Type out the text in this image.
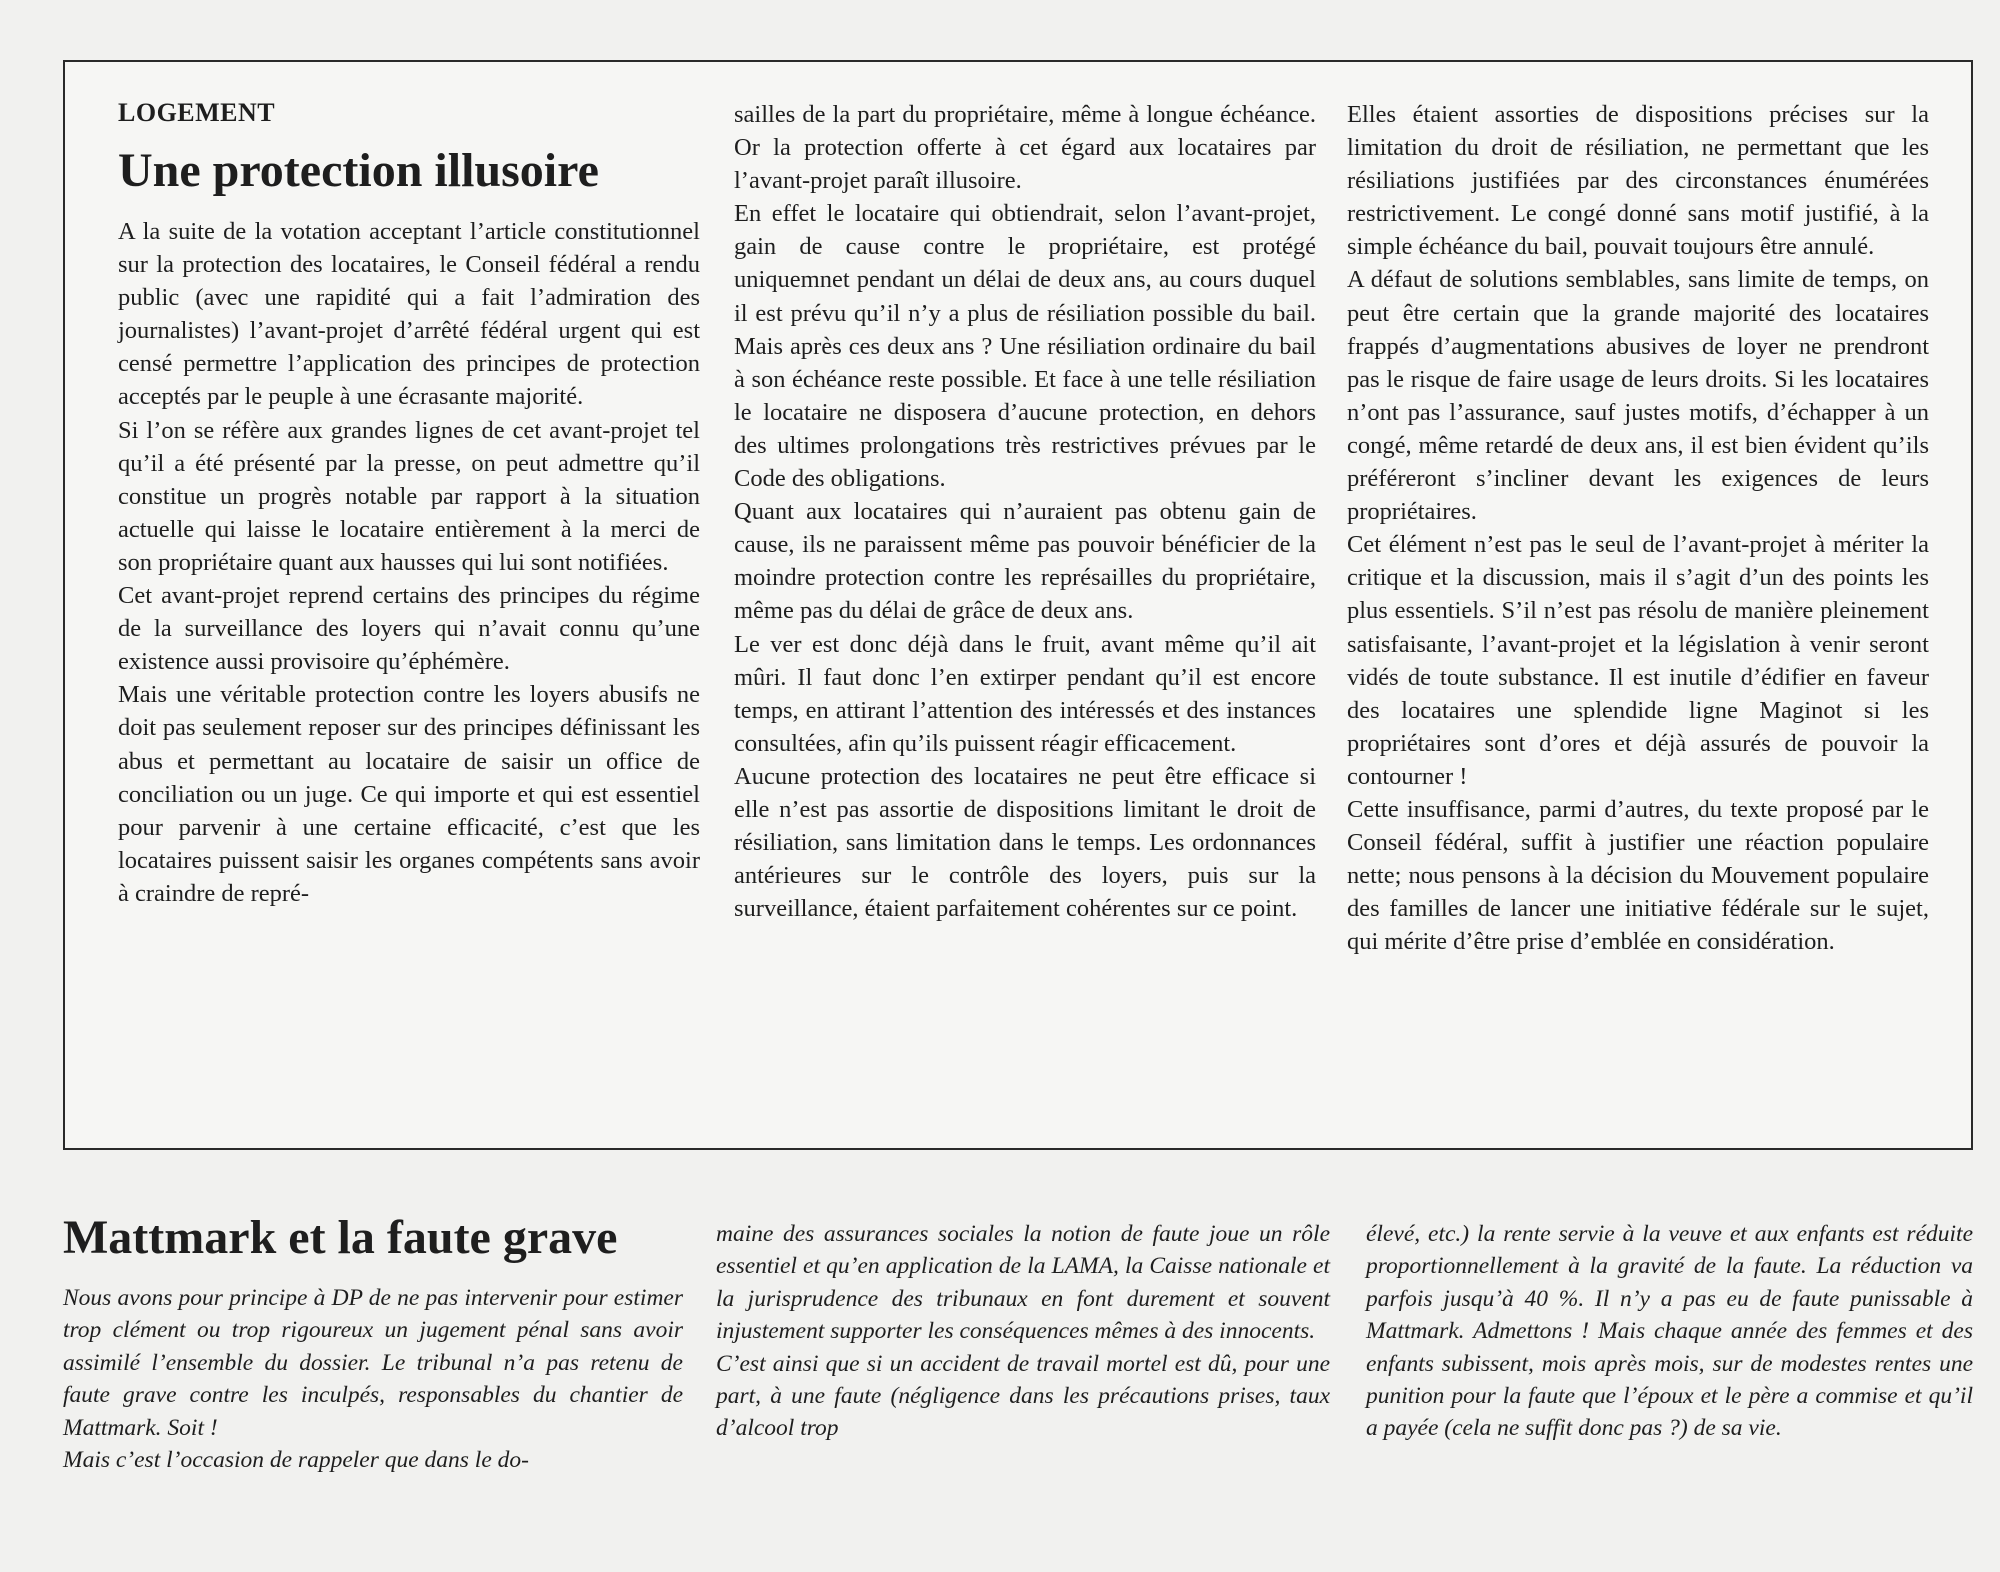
LOGEMENT
Une protection illusoire

A la suite de la votation acceptant l’article constitutionnel sur la protection des locataires, le Conseil fédéral a rendu public (avec une rapidité qui a fait l’admiration des journalistes) l’avant-projet d’arrêté fédéral urgent qui est censé permettre l’application des principes de protection acceptés par le peuple à une écrasante majorité.

Si l’on se réfère aux grandes lignes de cet avant-projet tel qu’il a été présenté par la presse, on peut admettre qu’il constitue un progrès notable par rapport à la situation actuelle qui laisse le locataire entièrement à la merci de son propriétaire quant aux hausses qui lui sont notifiées.

Cet avant-projet reprend certains des principes du régime de la surveillance des loyers qui n’avait connu qu’une existence aussi provisoire qu’éphémère.

Mais une véritable protection contre les loyers abusifs ne doit pas seulement reposer sur des principes définissant les abus et permettant au locataire de saisir un office de conciliation ou un juge. Ce qui importe et qui est essentiel pour parvenir à une certaine efficacité, c’est que les locataires puissent saisir les organes compétents sans avoir à craindre de repré-

sailles de la part du propriétaire, même à longue échéance. Or la protection offerte à cet égard aux locataires par l’avant-projet paraît illusoire.

En effet le locataire qui obtiendrait, selon l’avant-projet, gain de cause contre le propriétaire, est protégé uniquemnet pendant un délai de deux ans, au cours duquel il est prévu qu’il n’y a plus de résiliation possible du bail. Mais après ces deux ans ? Une résiliation ordinaire du bail à son échéance reste possible. Et face à une telle résiliation le locataire ne disposera d’aucune protection, en dehors des ultimes prolongations très restrictives prévues par le Code des obligations.

Quant aux locataires qui n’auraient pas obtenu gain de cause, ils ne paraissent même pas pouvoir bénéficier de la moindre protection contre les représailles du propriétaire, même pas du délai de grâce de deux ans.

Le ver est donc déjà dans le fruit, avant même qu’il ait mûri. Il faut donc l’en extirper pendant qu’il est encore temps, en attirant l’attention des intéressés et des instances consultées, afin qu’ils puissent réagir efficacement.

Aucune protection des locataires ne peut être efficace si elle n’est pas assortie de dispositions limitant le droit de résiliation, sans limitation dans le temps. Les ordonnances antérieures sur le contrôle des loyers, puis sur la surveillance, étaient parfaitement cohérentes sur ce point.

Elles étaient assorties de dispositions précises sur la limitation du droit de résiliation, ne permettant que les résiliations justifiées par des circonstances énumérées restrictivement. Le congé donné sans motif justifié, à la simple échéance du bail, pouvait toujours être annulé.

A défaut de solutions semblables, sans limite de temps, on peut être certain que la grande majorité des locataires frappés d’augmentations abusives de loyer ne prendront pas le risque de faire usage de leurs droits. Si les locataires n’ont pas l’assurance, sauf justes motifs, d’échapper à un congé, même retardé de deux ans, il est bien évident qu’ils préféreront s’incliner devant les exigences de leurs propriétaires.

Cet élément n’est pas le seul de l’avant-projet à mériter la critique et la discussion, mais il s’agit d’un des points les plus essentiels. S’il n’est pas résolu de manière pleinement satisfaisante, l’avant-projet et la législation à venir seront vidés de toute substance. Il est inutile d’édifier en faveur des locataires une splendide ligne Maginot si les propriétaires sont d’ores et déjà assurés de pouvoir la contourner !

Cette insuffisance, parmi d’autres, du texte proposé par le Conseil fédéral, suffit à justifier une réaction populaire nette; nous pensons à la décision du Mouvement populaire des familles de lancer une initiative fédérale sur le sujet, qui mérite d’être prise d’emblée en considération.

Mattmark et la faute grave

Nous avons pour principe à DP de ne pas intervenir pour estimer trop clément ou trop rigoureux un jugement pénal sans avoir assimilé l’ensemble du dossier. Le tribunal n’a pas retenu de faute grave contre les inculpés, responsables du chantier de Mattmark. Soit !

Mais c’est l’occasion de rappeler que dans le do-

maine des assurances sociales la notion de faute joue un rôle essentiel et qu’en application de la LAMA, la Caisse nationale et la jurisprudence des tribunaux en font durement et souvent injustement supporter les conséquences mêmes à des innocents.

C’est ainsi que si un accident de travail mortel est dû, pour une part, à une faute (négligence dans les précautions prises, taux d’alcool trop

élevé, etc.) la rente servie à la veuve et aux enfants est réduite proportionnellement à la gravité de la faute. La réduction va parfois jusqu’à 40 %. Il n’y a pas eu de faute punissable à Mattmark. Admettons ! Mais chaque année des femmes et des enfants subissent, mois après mois, sur de modestes rentes une punition pour la faute que l’époux et le père a commise et qu’il a payée (cela ne suffit donc pas ?) de sa vie.
